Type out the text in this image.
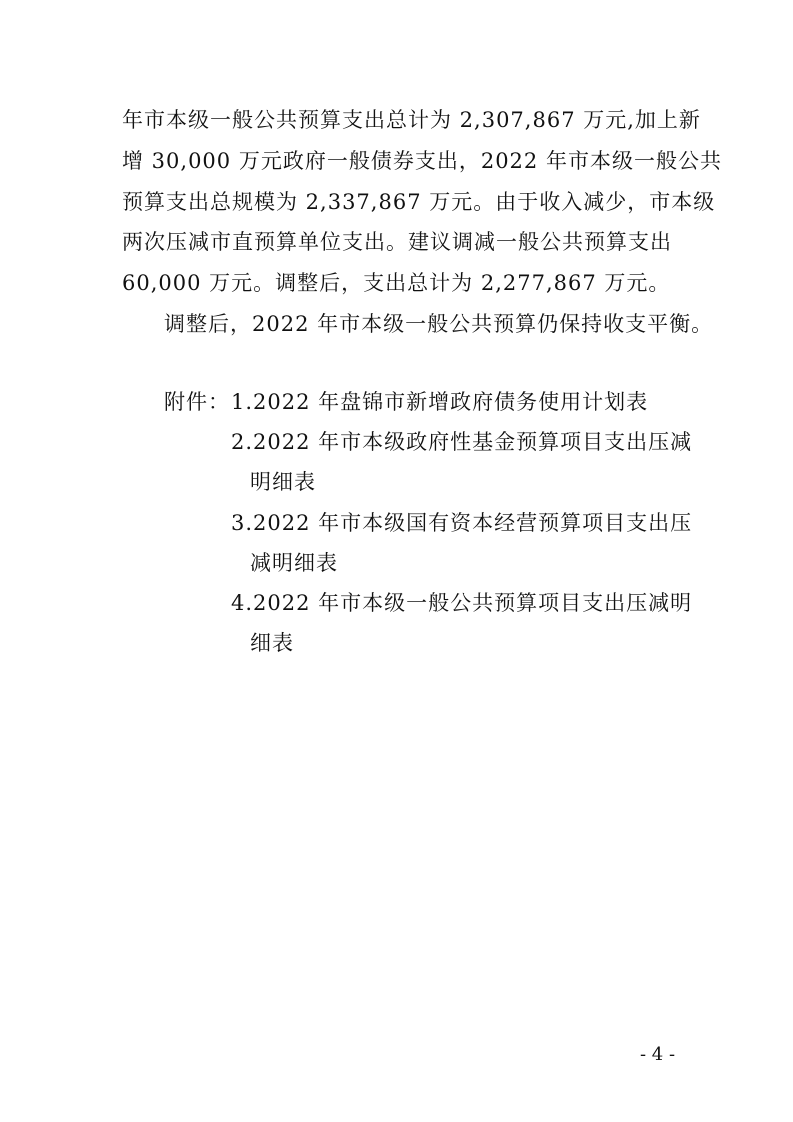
年市本级一般公共预算支出总计为 2,307,867 万元,加上新
增 30,000 万元政府一般债券支出，2022 年市本级一般公共
预算支出总规模为 2,337,867 万元。由于收入减少，市本级
两次压减市直预算单位支出。建议调减一般公共预算支出
60,000 万元。调整后，支出总计为 2,277,867 万元。
调整后，2022 年市本级一般公共预算仍保持收支平衡。
附件： 1.2022 年盘锦市新增政府债务使用计划表
2.2022 年市本级政府性基金预算项目支出压减
明细表
3.2022 年市本级国有资本经营预算项目支出压
减明细表
4.2022 年市本级一般公共预算项目支出压减明
细表
- 4 -
